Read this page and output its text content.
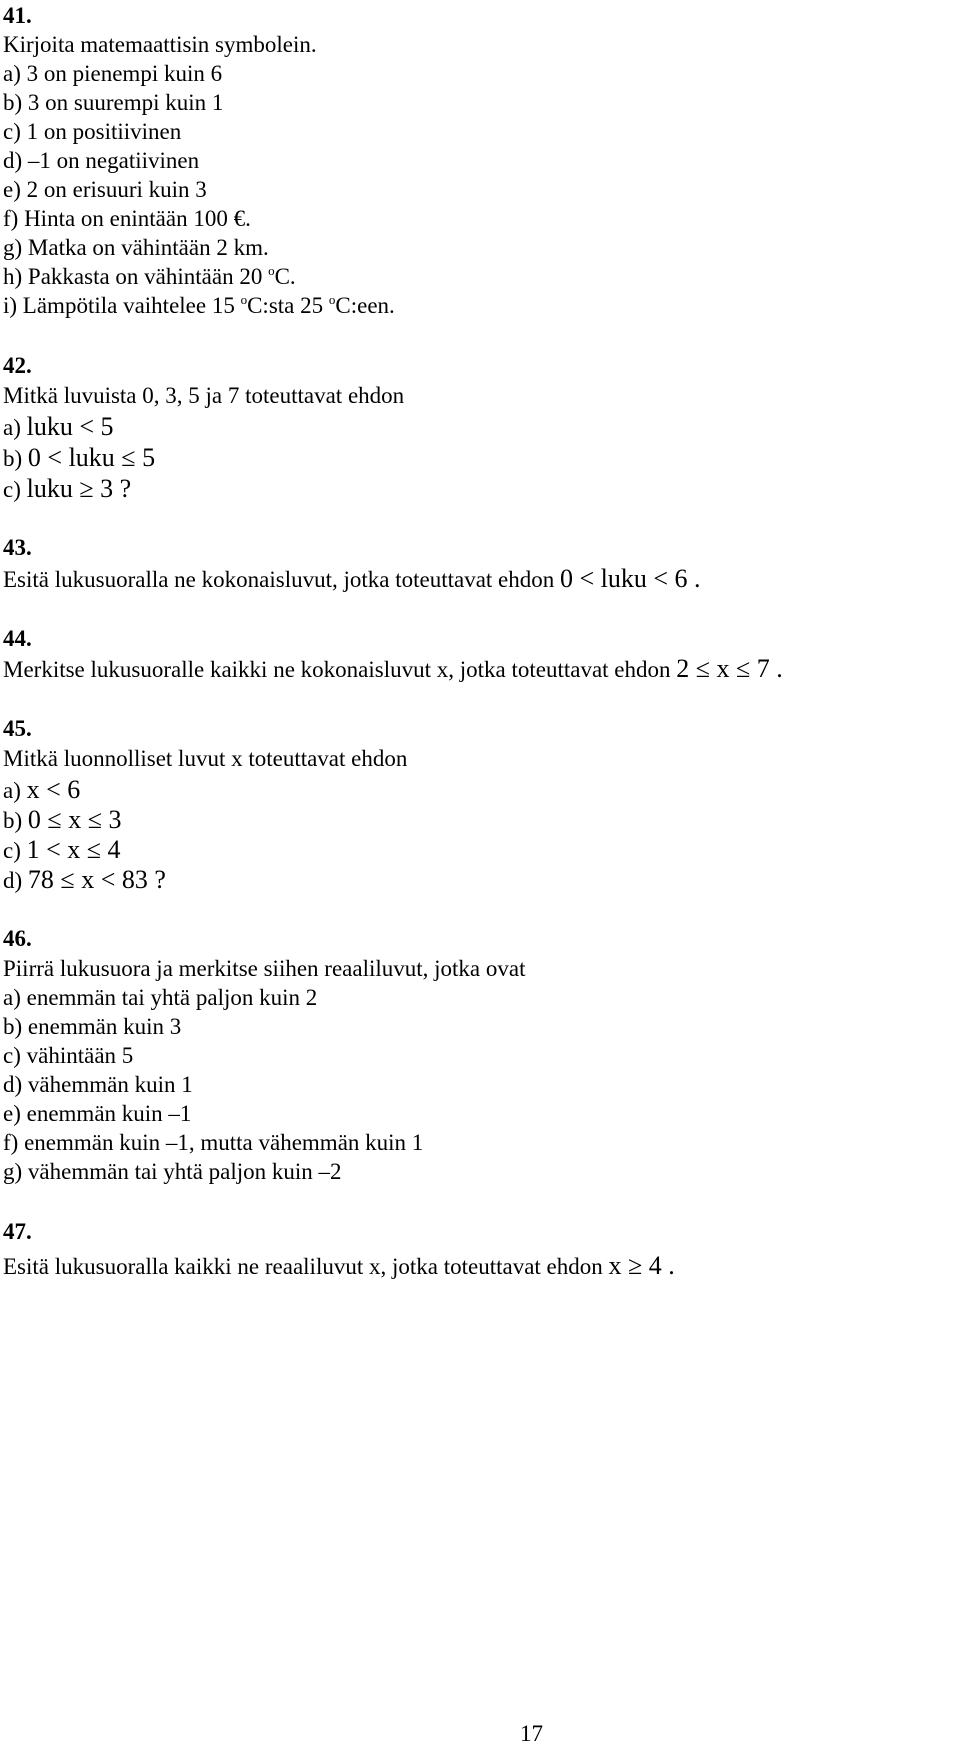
41.
Kirjoita matemaattisin symbolein.
a) 3 on pienempi kuin 6
b) 3 on suurempi kuin 1
c) 1 on positiivinen
d) –1 on negatiivinen
e) 2 on erisuuri kuin 3
f) Hinta on enintään 100 €.
g) Matka on vähintään 2 km.
h) Pakkasta on vähintään 20 $^o$C.
i) Lämpötila vaihtelee 15 $^o$C:sta 25 $^o$C:een.
42.
Mitkä luvuista 0, 3, 5 ja 7 toteuttavat ehdon
a) luku < 5
b) 0 < luku ≤ 5
c) luku ≥ 3 ?
43.
Esitä lukusuoralla ne kokonaisluvut, jotka toteuttavat ehdon 0 < luku < 6 .
44.
Merkitse lukusuoralle kaikki ne kokonaisluvut x, jotka toteuttavat ehdon 2 ≤ x ≤ 7 .
45.
Mitkä luonnolliset luvut x toteuttavat ehdon
a) x < 6
b) 0 ≤ x ≤ 3
c) 1 < x ≤ 4
d) 78 ≤ x < 83 ?
46.
Piirrä lukusuora ja merkitse siihen reaaliluvut, jotka ovat
a) enemmän tai yhtä paljon kuin 2
b) enemmän kuin 3
c) vähintään 5
d) vähemmän kuin 1
e) enemmän kuin –1
f) enemmän kuin –1, mutta vähemmän kuin 1
g) vähemmän tai yhtä paljon kuin –2
47.
Esitä lukusuoralla kaikki ne reaaliluvut x, jotka toteuttavat ehdon x ≥ 4 .
17
